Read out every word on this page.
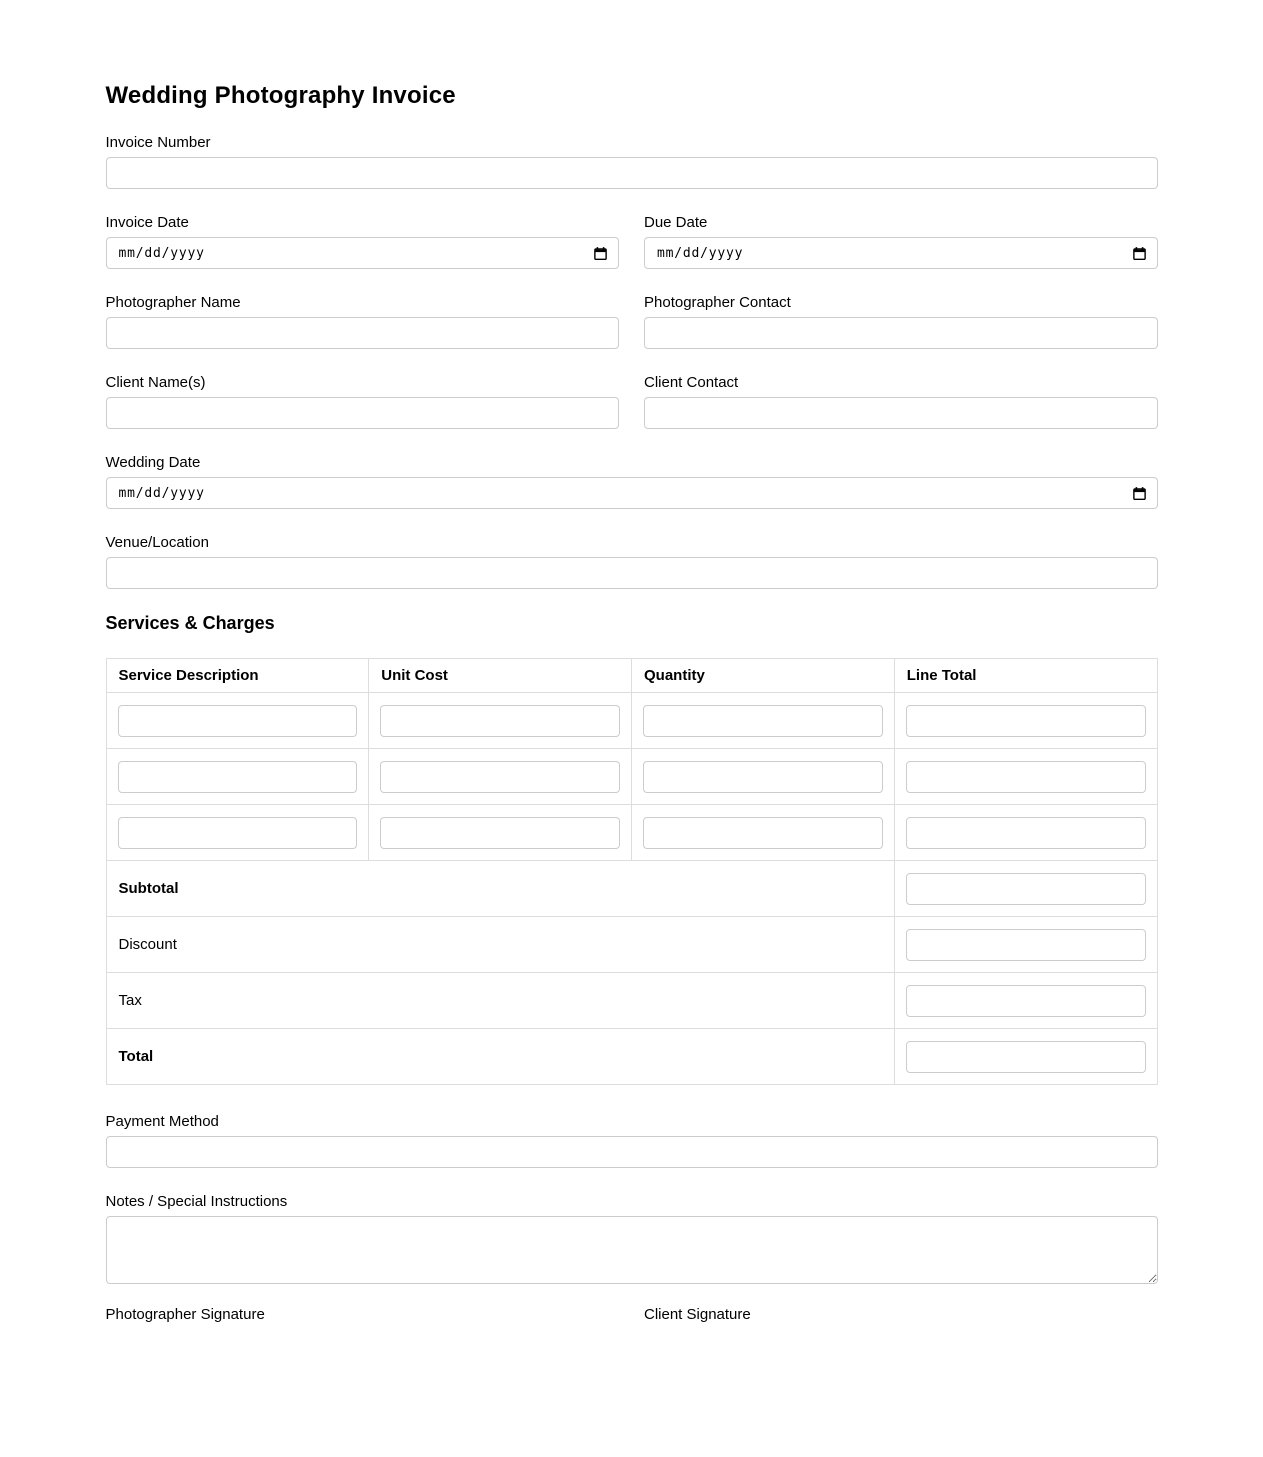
Wedding Photography Invoice
Invoice Number
Invoice Date
mm/dd/yyyy
Due Date
mm/dd/yyyy
Photographer Name	Photographer Contact
Client Name(s)	Client Contact
Wedding Date
mm/dd/yyyy
Venue/Location
Services & Charges
Service Description	Unit Cost	Quantity	Line Total

Subtotal	

Discount	

Tax	

Total	
Payment Method
Notes / Special Instructions
Photographer Signature	Client Signature
